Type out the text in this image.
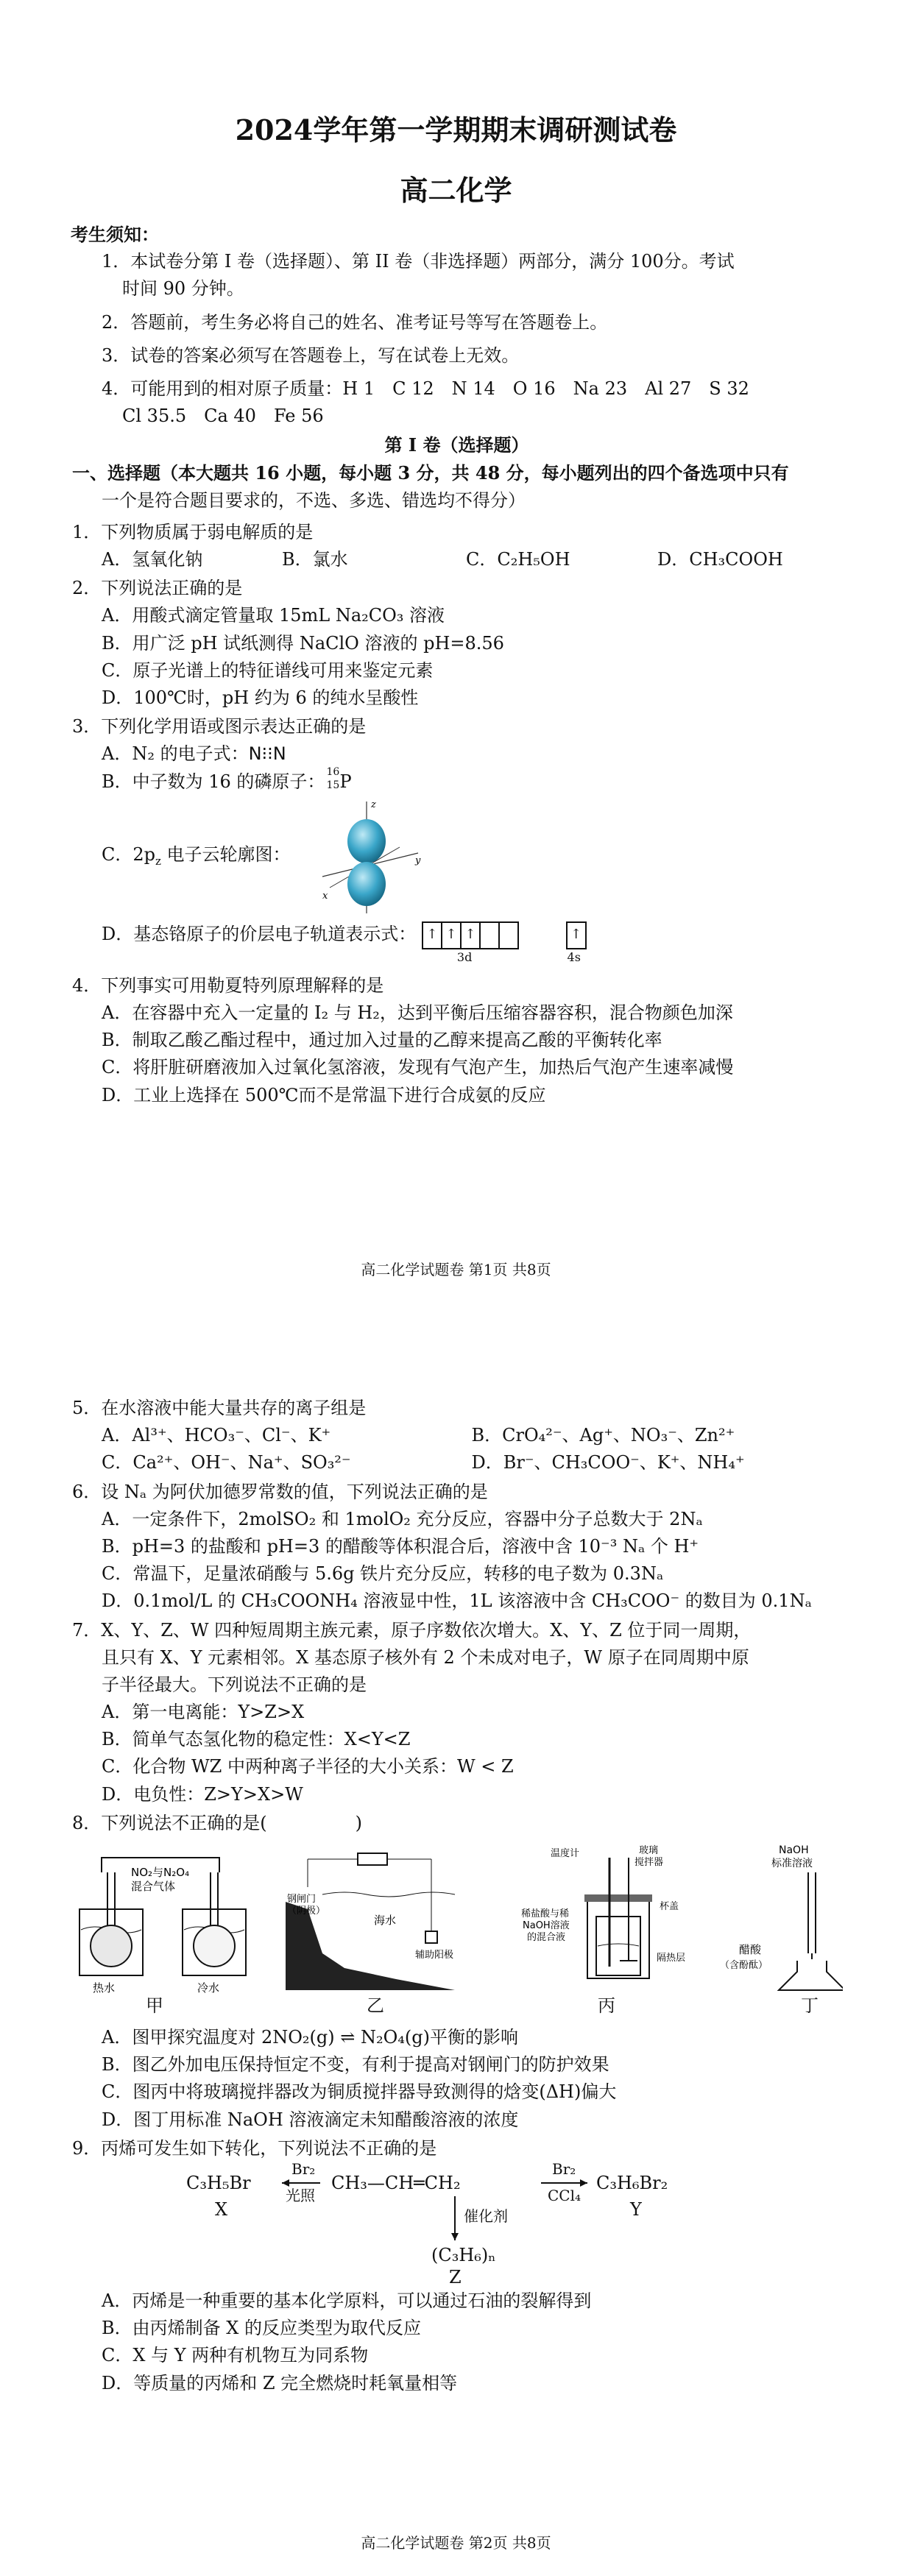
2024学年第一学期期末调研测试卷

高二化学

考生须知：
1．本试卷分第 I 卷（选择题）、第 II 卷（非选择题）两部分，满分 100分。考试
时间 90 分钟。
2．答题前，考生务必将自己的姓名、准考证号等写在答题卷上。
3．试卷的答案必须写在答题卷上，写在试卷上无效。
4．可能用到的相对原子质量：H 1　C 12　N 14　O 16　Na 23　Al 27　S 32
Cl 35.5　Ca 40　Fe 56
第 I 卷（选择题）
一、选择题（本大题共 16 小题，每小题 3 分，共 48 分，每小题列出的四个备选项中只有
一个是符合题目要求的，不选、多选、错选均不得分）
1．下列物质属于弱电解质的是
A．氢氧化钠	B．氯水	C．C₂H₅OH	D．CH₃COOH
2．下列说法正确的是
A．用酸式滴定管量取 15mL Na₂CO₃ 溶液
B．用广泛 pH 试纸测得 NaClO 溶液的 pH=8.56
C．原子光谱上的特征谱线可用来鉴定元素
D．100℃时，pH 约为 6 的纯水呈酸性
3．下列化学用语或图示表达正确的是
A．N₂ 的电子式：N⁝⁝N
B．中子数为 16 的磷原子： 16
15 P
C．$2p_z$ 电子云轮廓图：
z
y
x
D．基态铬原子的价层电子轨道表示式： ↑ ↑ ↑
3d
↑
4s
4．下列事实可用勒夏特列原理解释的是
A．在容器中充入一定量的 I₂ 与 H₂，达到平衡后压缩容器容积，混合物颜色加深
B．制取乙酸乙酯过程中，通过加入过量的乙醇来提高乙酸的平衡转化率
C．将肝脏研磨液加入过氧化氢溶液，发现有气泡产生，加热后气泡产生速率减慢
D．工业上选择在 500℃而不是常温下进行合成氨的反应
高二化学试题卷 第1页 共8页
5．在水溶液中能大量共存的离子组是
A．Al³⁺、HCO₃⁻、Cl⁻、K⁺	B．CrO₄²⁻、Ag⁺、NO₃⁻、Zn²⁺
C．Ca²⁺、OH⁻、Na⁺、SO₃²⁻	D．Br⁻、CH₃COO⁻、K⁺、NH₄⁺
6．设 Nₐ 为阿伏加德罗常数的值，下列说法正确的是
A．一定条件下，2molSO₂ 和 1molO₂ 充分反应，容器中分子总数大于 2Nₐ
B．pH=3 的盐酸和 pH=3 的醋酸等体积混合后，溶液中含 10⁻³ Nₐ 个 H⁺
C．常温下，足量浓硝酸与 5.6g 铁片充分反应，转移的电子数为 0.3Nₐ
D．0.1mol/L 的 CH₃COONH₄ 溶液显中性，1L 该溶液中含 CH₃COO⁻ 的数目为 0.1Nₐ
7．X、Y、Z、W 四种短周期主族元素，原子序数依次增大。X、Y、Z 位于同一周期，
且只有 X、Y 元素相邻。X 基态原子核外有 2 个未成对电子，W 原子在同周期中原
子半径最大。下列说法不正确的是
A．第一电离能：Y>Z>X
B．简单气态氢化物的稳定性：X<Y<Z
C．化合物 WZ 中两种离子半径的大小关系：W < Z
D．电负性：Z>Y>X>W
8．下列说法不正确的是(　　　　　)
NO₂与N₂O₄
混合气体
热水	冷水
钢闸门
（阴极）
海水
辅助阳极
温度计	玻璃
搅拌器
稀盐酸与稀
NaOH溶液
的混合液
杯盖
隔热层
NaOH
标准溶液
醋酸
（含酚酞）
甲	乙	丙	丁
A．图甲探究温度对 2NO₂(g) ⇌ N₂O₄(g)平衡的影响
B．图乙外加电压保持恒定不变，有利于提高对钢闸门的防护效果
C．图丙中将玻璃搅拌器改为铜质搅拌器导致测得的焓变(ΔH)偏大
D．图丁用标准 NaOH 溶液滴定未知醋酸溶液的浓度
9．丙烯可发生如下转化，下列说法不正确的是
C₃H₅Br
X
Br₂
光照
CH₃—CH═CH₂
Br₂
CCl₄
C₃H₆Br₂
Y
催化剂
(C₃H₆)ₙ
Z
A．丙烯是一种重要的基本化学原料，可以通过石油的裂解得到
B．由丙烯制备 X 的反应类型为取代反应
C．X 与 Y 两种有机物互为同系物
D．等质量的丙烯和 Z 完全燃烧时耗氧量相等
高二化学试题卷 第2页 共8页
